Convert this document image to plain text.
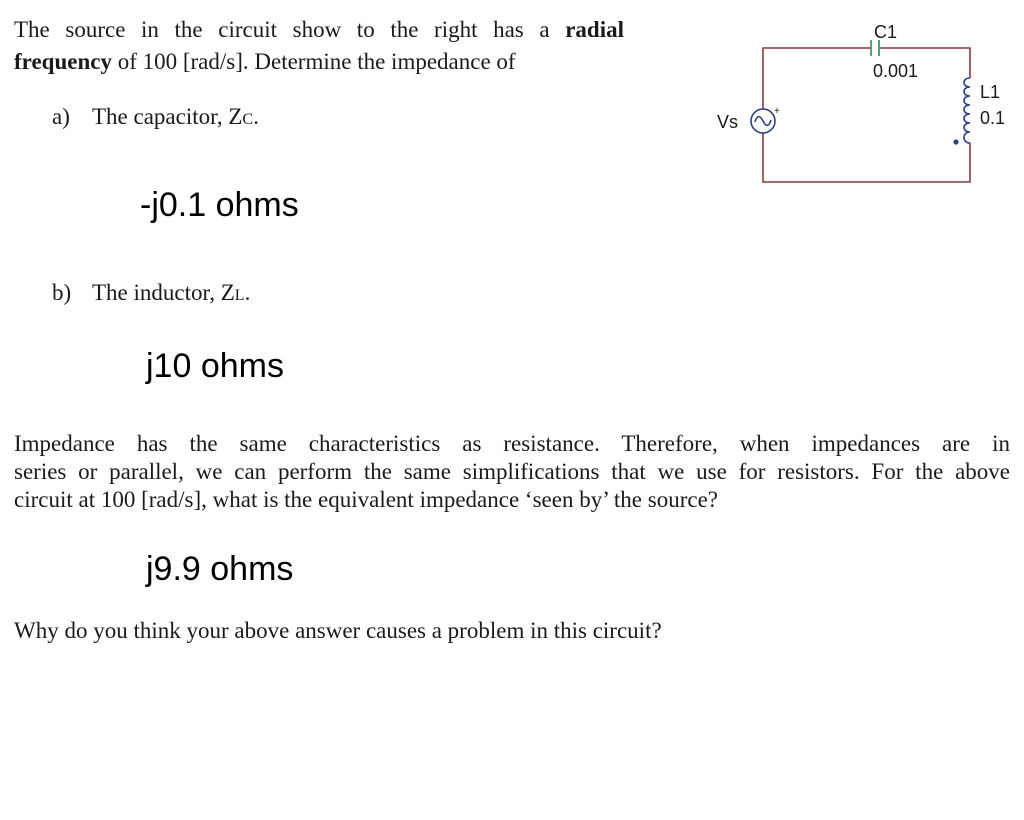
The source in the circuit show to the right has a radial
frequency of 100 [rad/s]. Determine the impedance of
a) The capacitor, ZC.
-j0.1 ohms
b) The inductor, ZL.
j10 ohms
Impedance has the same characteristics as resistance. Therefore, when impedances are in
series or parallel, we can perform the same simplifications that we use for resistors. For the above
circuit at 100 [rad/s], what is the equivalent impedance ‘seen by’ the source?
j9.9 ohms
Why do you think your above answer causes a problem in this circuit?
+
Vs
C1
0.001
L1
0.1
